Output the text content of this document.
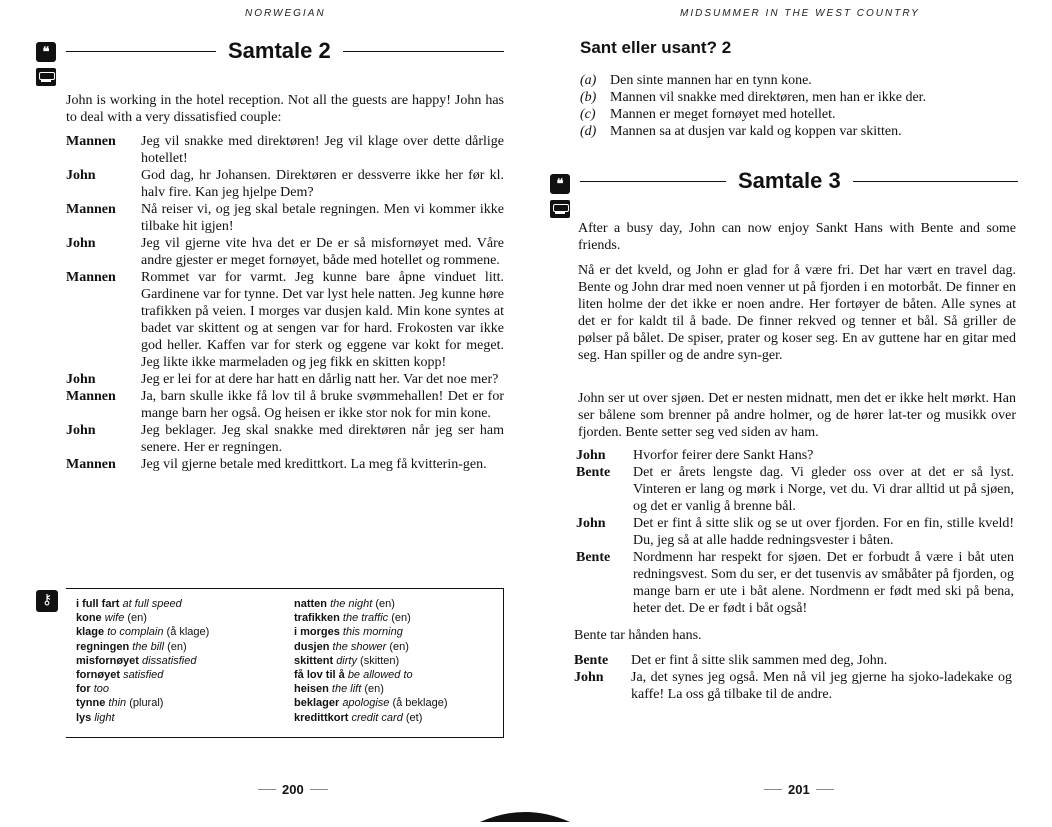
NORWEGIAN
❝	Samtale 2
John is working in the hotel reception. Not all the guests are happy! John has to deal with a very dissatisfied couple:
Mannen	Jeg vil snakke med direktøren! Jeg vil klage over dette dårlige hotellet!
John	God dag, hr Johansen. Direktøren er dessverre ikke her før kl. halv fire. Kan jeg hjelpe Dem?
Mannen	Nå reiser vi, og jeg skal betale regningen. Men vi kommer ikke tilbake hit igjen!
John	Jeg vil gjerne vite hva det er De er så misfornøyet med. Våre andre gjester er meget fornøyet, både med hotellet og rommene.
Mannen	Rommet var for varmt. Jeg kunne bare åpne vinduet litt. Gardinene var for tynne. Det var lyst hele natten. Jeg kunne høre trafikken på veien. I morges var dusjen kald. Min kone syntes at badet var skittent og at sengen var for hard. Frokosten var ikke god heller. Kaffen var for sterk og eggene var kokt for meget. Jeg likte ikke marmeladen og jeg fikk en skitten kopp!
John	Jeg er lei for at dere har hatt en dårlig natt her. Var det noe mer?
Mannen	Ja, barn skulle ikke få lov til å bruke svømmehallen! Det er for mange barn her også. Og heisen er ikke stor nok for min kone.
John	Jeg beklager. Jeg skal snakke med direktøren når jeg ser ham senere. Her er regningen.
Mannen	Jeg vil gjerne betale med kredittkort. La meg få kvitterin-gen.
⚷	i full fart at full speed
kone wife (en)
klage to complain (å klage)
regningen the bill (en)
misfornøyet dissatisfied
fornøyet satisfied
for too
tynne thin (plural)
lys light
natten the night (en)
trafikken the traffic (en)
i morges this morning
dusjen the shower (en)
skittent dirty (skitten)
få lov til å be allowed to
heisen the lift (en)
beklager apologise (å beklage)
kredittkort credit card (et)
200
MIDSUMMER IN THE WEST COUNTRY
Sant eller usant? 2
(a) Den sinte mannen har en tynn kone.
(b) Mannen vil snakke med direktøren, men han er ikke der.
(c)	Mannen er meget fornøyet med hotellet.
(d) Mannen sa at dusjen var kald og koppen var skitten.
❝	Samtale 3
After a busy day, John can now enjoy Sankt Hans with Bente and some friends.
Nå er det kveld, og John er glad for å være fri. Det har vært en travel dag. Bente og John drar med noen venner ut på fjorden i en motorbåt. De finner en liten holme der det ikke er noen andre. Her fortøyer de båten. Alle synes at det er for kaldt til å bade. De finner rekved og tenner et bål. Så griller de pølser på bålet. De spiser, prater og koser seg. En av guttene har en gitar med seg. Han spiller og de andre syn-ger.
John ser ut over sjøen. Det er nesten midnatt, men det er ikke helt mørkt. Han ser bålene som brenner på andre holmer, og de hører lat-ter og musikk over fjorden. Bente setter seg ved siden av ham.
John	Hvorfor feirer dere Sankt Hans?
Bente	Det er årets lengste dag. Vi gleder oss over at det er så lyst. Vinteren er lang og mørk i Norge, vet du. Vi drar alltid ut på sjøen, og det er vanlig å brenne bål.
John	Det er fint å sitte slik og se ut over fjorden. For en fin, stille kveld! Du, jeg så at alle hadde redningsvester i båten.
Bente	Nordmenn har respekt for sjøen. Det er forbudt å være i båt uten redningsvest. Som du ser, er det tusenvis av småbåter på fjorden, og mange barn er ute i båt alene. Nordmenn er født med ski på bena, heter det. De er født i båt også!
Bente tar hånden hans.
Bente	Det er fint å sitte slik sammen med deg, John.
John	Ja, det synes jeg også. Men nå vil jeg gjerne ha sjoko-ladekake og kaffe! La oss gå tilbake til de andre.
201
